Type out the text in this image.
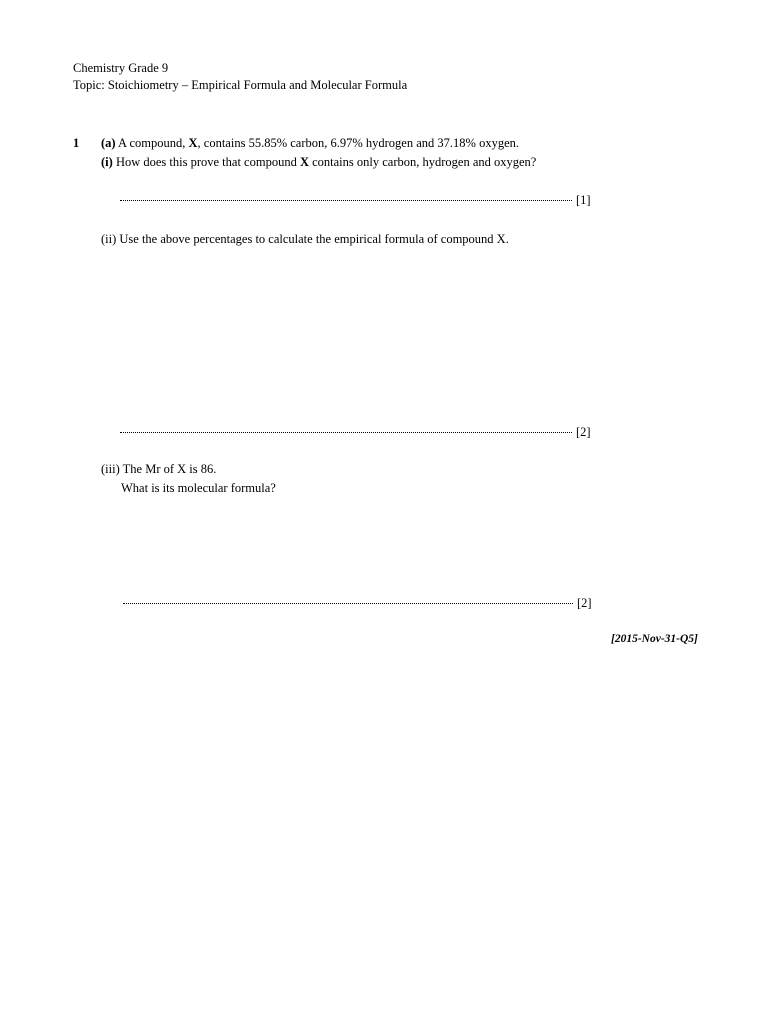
Chemistry Grade 9
Topic: Stoichiometry – Empirical Formula and Molecular Formula
1 (a) A compound, X, contains 55.85% carbon, 6.97% hydrogen and 37.18% oxygen.
(i) How does this prove that compound X contains only carbon, hydrogen and oxygen?
[1]
(ii) Use the above percentages to calculate the empirical formula of compound X.
[2]
(iii) The Mr of X is 86.
What is its molecular formula?
[2]
[2015-Nov-31-Q5]
